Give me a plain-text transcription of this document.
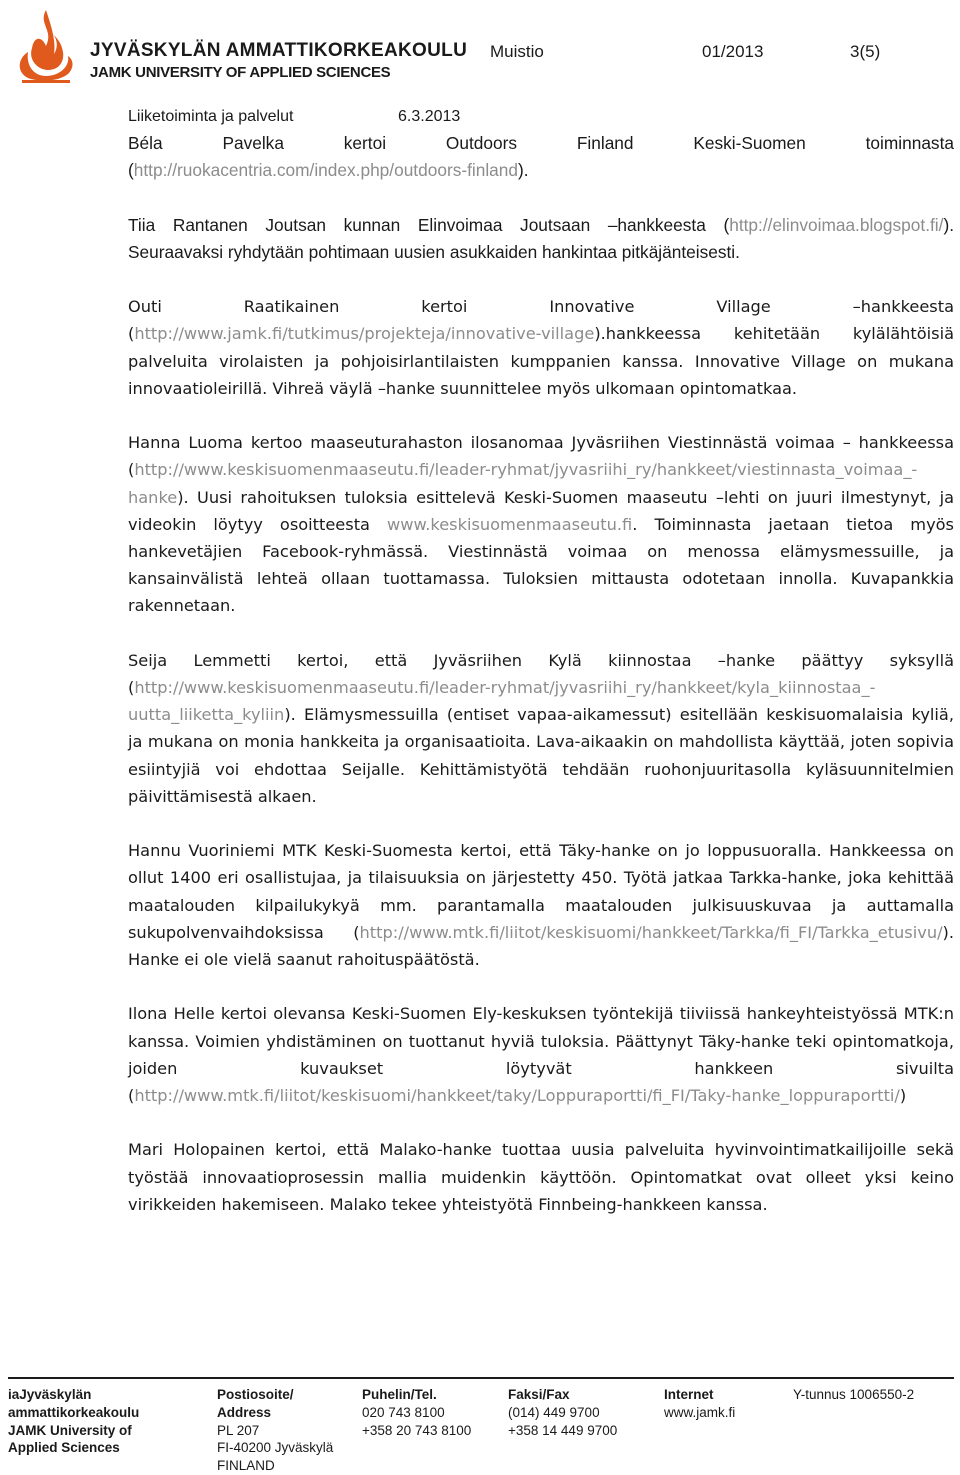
JYVÄSKYLÄN AMMATTIKORKEAKOULU
JAMK UNIVERSITY OF APPLIED SCIENCES
Muistio	01/2013	3(5)
Liiketoiminta ja palvelut	6.3.2013

Béla Pavelka kertoi Outdoors Finland Keski-Suomen toiminnasta (http://ruokacentria.com/index.php/outdoors-finland).

Tiia Rantanen Joutsan kunnan Elinvoimaa Joutsaan –hankkeesta (http://elinvoimaa.blogspot.fi/). Seuraavaksi ryhdytään pohtimaan uusien asukkaiden hankintaa pitkäjänteisesti.

Outi Raatikainen kertoi Innovative Village –hankkeesta (http://www.jamk.fi/tutkimus/projekteja/innovative-village).hankkeessa kehitetään kylälähtöisiä palveluita virolaisten ja pohjoisirlantilaisten kumppanien kanssa. Innovative Village on mukana innovaatioleirillä. Vihreä väylä –hanke suunnittelee myös ulkomaan opintomatkaa.

Hanna Luoma kertoo maaseuturahaston ilosanomaa Jyväsriihen Viestinnästä voimaa – hankkeessa (http://www.keskisuomenmaaseutu.fi/leader-ryhmat/jyvasriihi_ry/hankkeet/viestinnasta_voimaa_-hanke). Uusi rahoituksen tuloksia esittelevä Keski-Suomen maaseutu –lehti on juuri ilmestynyt, ja videokin löytyy osoitteesta www.keskisuomenmaaseutu.fi. Toiminnasta jaetaan tietoa myös hankevetäjien Facebook-ryhmässä. Viestinnästä voimaa on menossa elämysmessuille, ja kansainvälistä lehteä ollaan tuottamassa. Tuloksien mittausta odotetaan innolla. Kuvapankkia rakennetaan.

Seija Lemmetti kertoi, että Jyväsriihen Kylä kiinnostaa –hanke päättyy syksyllä (http://www.keskisuomenmaaseutu.fi/leader-ryhmat/jyvasriihi_ry/hankkeet/kyla_kiinnostaa_-uutta_liiketta_kyliin). Elämysmessuilla (entiset vapaa-aikamessut) esitellään keskisuomalaisia kyliä, ja mukana on monia hankkeita ja organisaatioita. Lava-aikaakin on mahdollista käyttää, joten sopivia esiintyjiä voi ehdottaa Seijalle. Kehittämistyötä tehdään ruohonjuuritasolla kyläsuunnitelmien päivittämisestä alkaen.

Hannu Vuoriniemi MTK Keski-Suomesta kertoi, että Täky-hanke on jo loppusuoralla. Hankkeessa on ollut 1400 eri osallistujaa, ja tilaisuuksia on järjestetty 450. Työtä jatkaa Tarkka-hanke, joka kehittää maatalouden kilpailukykyä mm. parantamalla maatalouden julkisuuskuvaa ja auttamalla sukupolvenvaihdoksissa (http://www.mtk.fi/liitot/keskisuomi/hankkeet/Tarkka/fi_FI/Tarkka_etusivu/). Hanke ei ole vielä saanut rahoituspäätöstä.

Ilona Helle kertoi olevansa Keski-Suomen Ely-keskuksen työntekijä tiiviissä hankeyhteistyössä MTK:n kanssa. Voimien yhdistäminen on tuottanut hyviä tuloksia. Päättynyt Täky-hanke teki opintomatkoja, joiden kuvaukset löytyvät hankkeen sivuilta (http://www.mtk.fi/liitot/keskisuomi/hankkeet/taky/Loppuraportti/fi_FI/Taky-hanke_loppuraportti/)

Mari Holopainen kertoi, että Malako-hanke tuottaa uusia palveluita hyvinvointimatkailijoille sekä työstää innovaatioprosessin mallia muidenkin käyttöön. Opintomatkat ovat olleet yksi keino virikkeiden hakemiseen. Malako tekee yhteistyötä Finnbeing-hankkeen kanssa.

iaJyväskylän
ammattikorkeakoulu
JAMK University of
Applied Sciences
Postiosoite/
Address
PL 207
FI-40200 Jyväskylä
FINLAND
Puhelin/Tel.
020 743 8100
+358 20 743 8100
Faksi/Fax
(014) 449 9700
+358 14 449 9700
Internet
www.jamk.fi
Y-tunnus 1006550-2
